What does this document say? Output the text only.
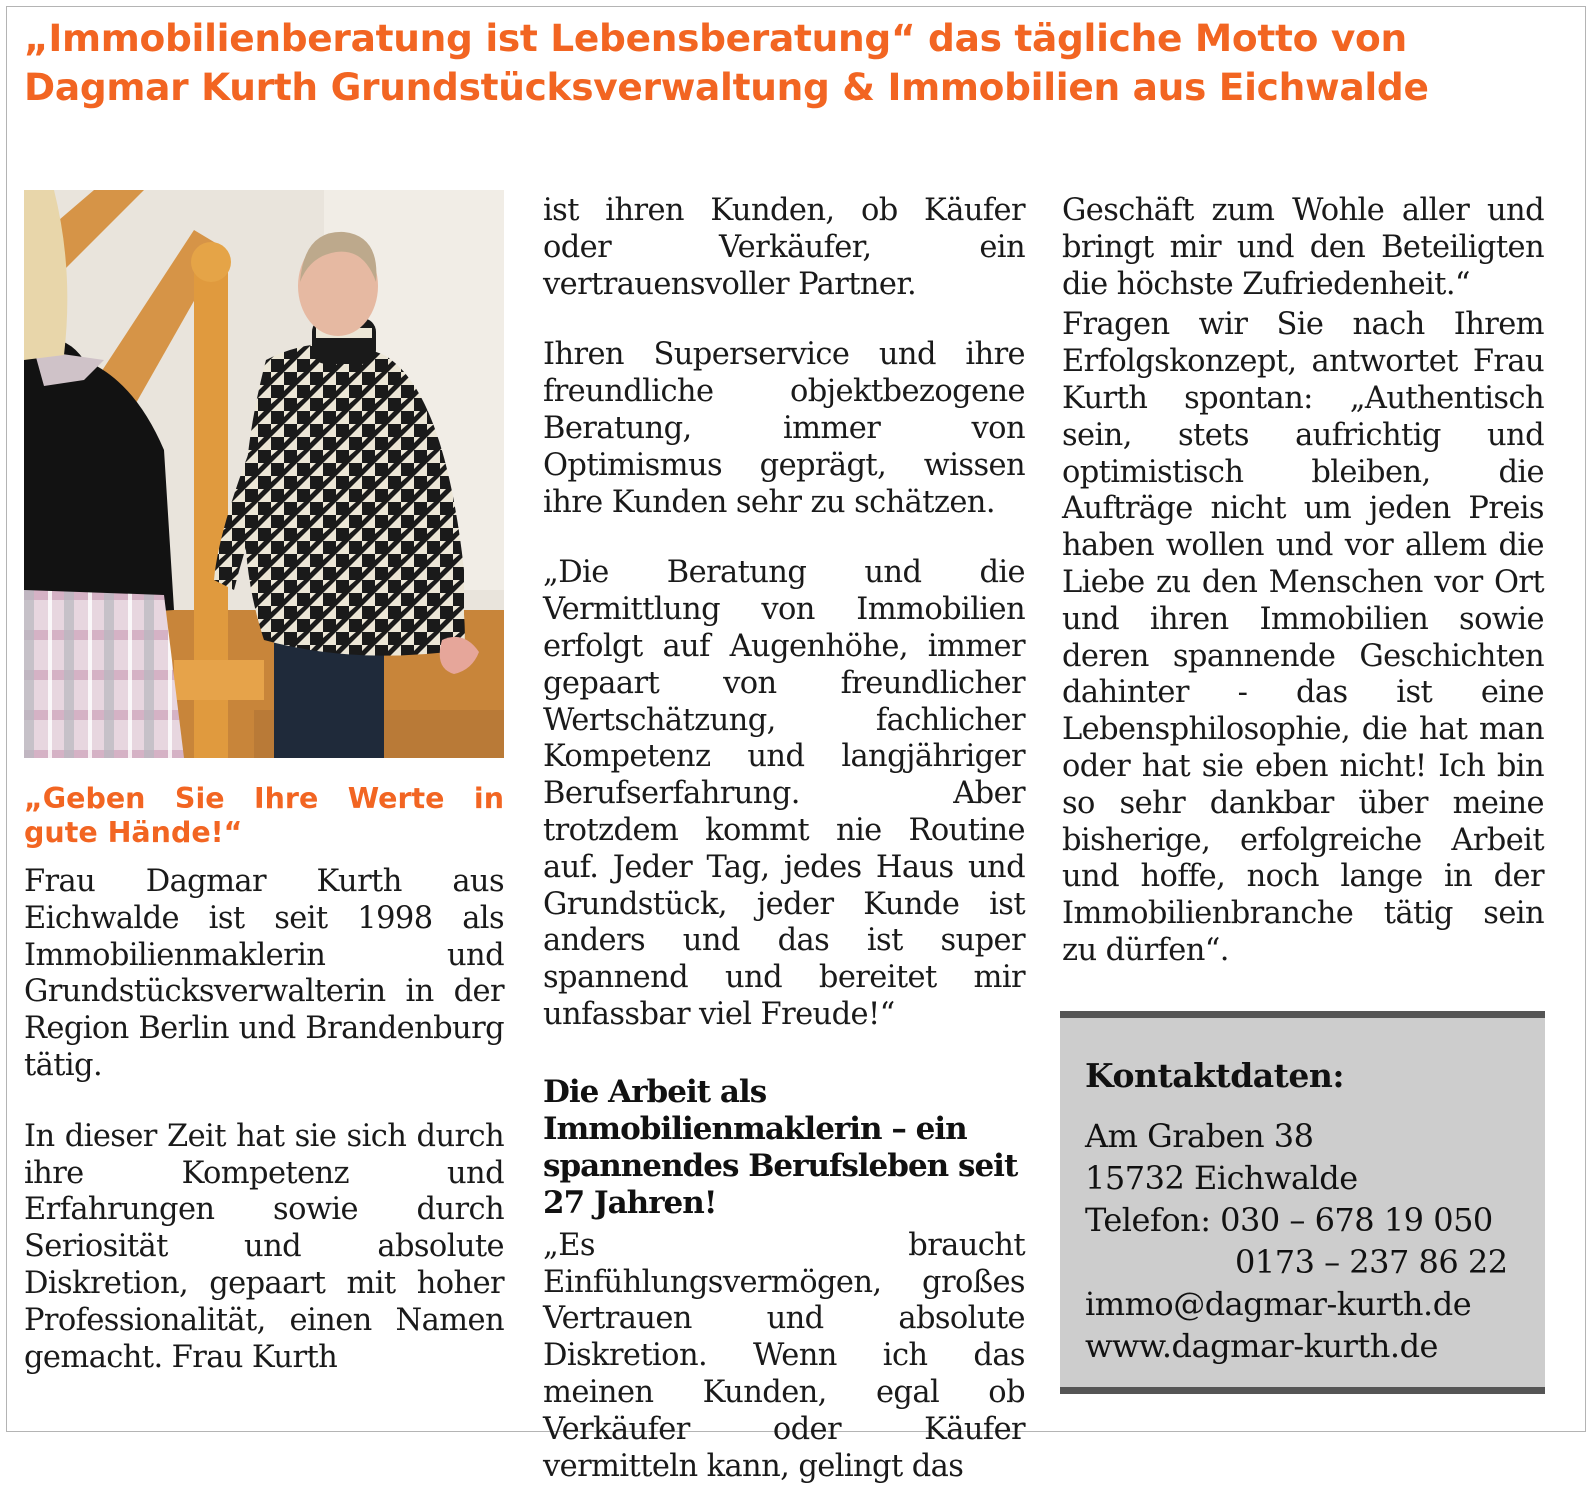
„Immobilienberatung ist Lebensberatung“ das tägliche Motto von Dagmar Kurth Grundstücksverwaltung & Immobilien aus Eichwalde
„Geben Sie Ihre Werte in gute Hände!“

Frau Dagmar Kurth aus Eichwalde ist seit 1998 als Immobilienmaklerin und Grundstücksverwalterin in der Region Berlin und Brandenburg tätig.

In dieser Zeit hat sie sich durch ihre Kompetenz und Erfahrungen sowie durch Seriosität und absolute Diskretion, gepaart mit hoher Professionalität, einen Namen gemacht. Frau Kurth

ist ihren Kunden, ob Käufer oder Verkäufer, ein vertrauensvoller Partner.

Ihren Superservice und ihre freundliche objektbezogene Beratung, immer von Optimismus geprägt, wissen ihre Kunden sehr zu schätzen.

„Die Beratung und die Vermittlung von Immobilien erfolgt auf Augenhöhe, immer gepaart von freundlicher Wertschätzung, fachlicher Kompetenz und langjähriger Berufserfahrung. Aber trotzdem kommt nie Routine auf. Jeder Tag, jedes Haus und Grundstück, jeder Kunde ist anders und das ist super spannend und bereitet mir unfassbar viel Freude!“

Die Arbeit als Immobilienmaklerin – ein spannendes Berufsleben seit 27 Jahren!

„Es braucht Einfühlungsvermögen, großes Vertrauen und absolute Diskretion. Wenn ich das meinen Kunden, egal ob Verkäufer oder Käufer vermitteln kann, gelingt das

Geschäft zum Wohle aller und bringt mir und den Beteiligten die höchste Zufriedenheit.“

Fragen wir Sie nach Ihrem Erfolgskonzept, antwortet Frau Kurth spontan: „Authentisch sein, stets aufrichtig und optimistisch bleiben, die Aufträge nicht um jeden Preis haben wollen und vor allem die Liebe zu den Menschen vor Ort und ihren Immobilien sowie deren spannende Geschichten dahinter - das ist eine Lebensphilosophie, die hat man oder hat sie eben nicht! Ich bin so sehr dankbar über meine bisherige, erfolgreiche Arbeit und hoffe, noch lange in der Immobilienbranche tätig sein zu dürfen“.

Kontaktdaten:
Am Graben 38
15732 Eichwalde
Telefon: 030 – 678 19 050
0173 – 237 86 22
immo@dagmar-kurth.de
www.dagmar-kurth.de
